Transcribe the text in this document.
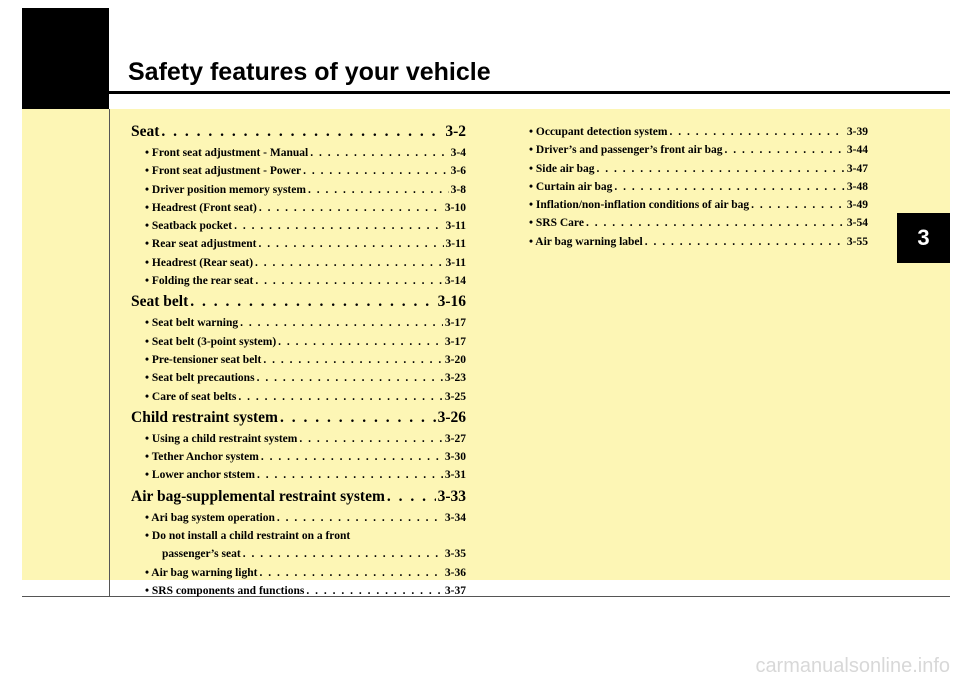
Safety features of your vehicle
3
Seat . . .	3-2
• Front seat adjustment - Manual . . .	3-4
• Front seat adjustment - Power . . .	3-6
• Driver position memory system . . .	3-8
• Headrest (Front seat) . . .	3-10
• Seatback pocket . . .	3-11
• Rear seat adjustment . . .	3-11
• Headrest (Rear seat) . . .	3-11
• Folding the rear seat . . .	3-14
Seat belt . . .	3-16
• Seat belt warning . . .	3-17
• Seat belt (3-point system) . . .	3-17
• Pre-tensioner seat belt . . .	3-20
• Seat belt precautions . . .	3-23
• Care of seat belts . . .	3-25
Child restraint system . . .	3-26
• Using a child restraint system . . .	3-27
• Tether Anchor system . . .	3-30
• Lower anchor ststem . . .	3-31
Air bag-supplemental restraint system . . .	3-33
• Ari bag system operation . . .	3-34
• Do not install a child restraint on a front
passenger’s seat . . .	3-35
• Air bag warning light . . .	3-36
• SRS components and functions . . .	3-37
• Occupant detection system . . .	3-39
• Driver’s and passenger’s front air bag . . .	3-44
• Side air bag . . .	3-47
• Curtain air bag . . .	3-48
• Inflation/non-inflation conditions of air bag . . .	3-49
• SRS Care . . .	3-54
• Air bag warning label . . .	3-55
carmanualsonline.info
